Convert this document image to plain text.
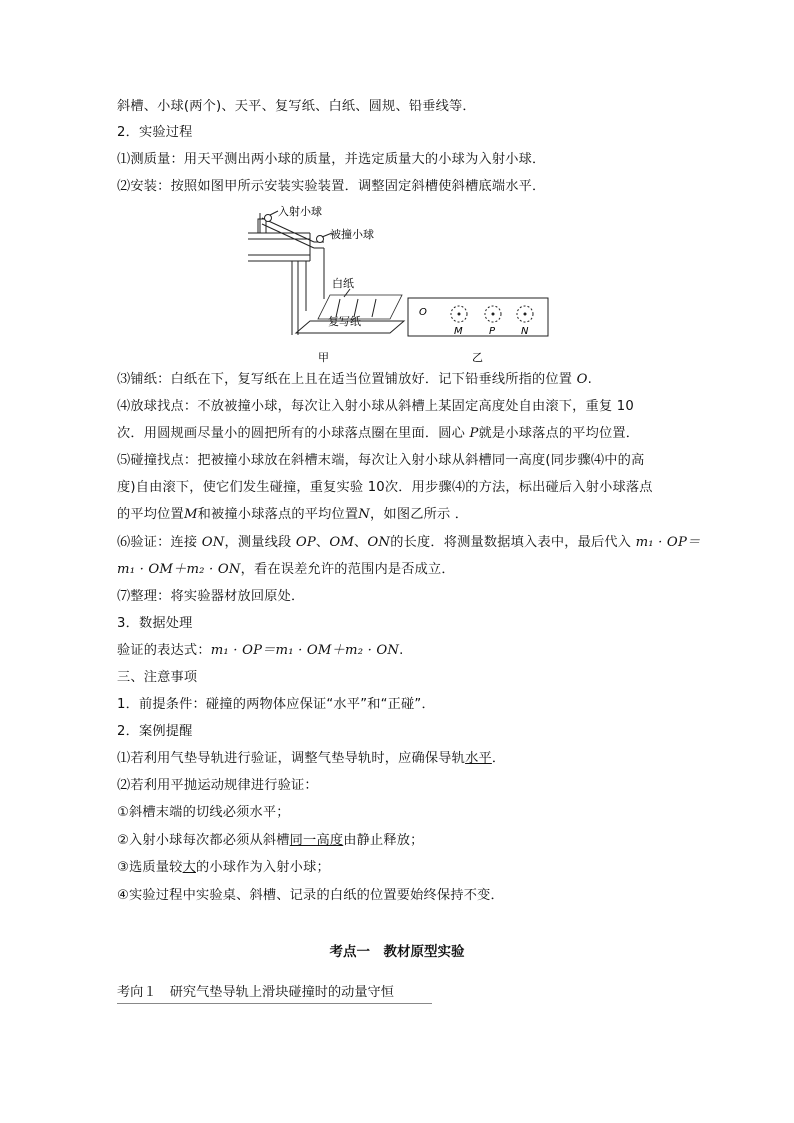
斜槽、小球(两个)、天平、复写纸、白纸、圆规、铅垂线等．
2．实验过程
⑴测质量：用天平测出两小球的质量，并选定质量大的小球为入射小球．
⑵安装：按照如图甲所示安装实验装置．调整固定斜槽使斜槽底端水平．
入射小球
被撞小球
白纸
复写纸
甲
O
M	P	N
乙
⑶铺纸：白纸在下，复写纸在上且在适当位置铺放好．记下铅垂线所指的位置 O.
⑷放球找点：不放被撞小球，每次让入射小球从斜槽上某固定高度处自由滚下，重复 10
次．用圆规画尽量小的圆把所有的小球落点圈在里面．圆心 P就是小球落点的平均位置．
⑸碰撞找点：把被撞小球放在斜槽末端，每次让入射小球从斜槽同一高度(同步骤⑷中的高
度)自由滚下，使它们发生碰撞，重复实验 10次．用步骤⑷的方法，标出碰后入射小球落点
的平均位置M和被撞小球落点的平均位置N，如图乙所示 ．
⑹验证：连接 ON，测量线段 OP、OM、ON的长度．将测量数据填入表中，最后代入 m₁ · OP＝
m₁ · OM＋m₂ · ON，看在误差允许的范围内是否成立．
⑺整理：将实验器材放回原处．
3．数据处理
验证的表达式：m₁ · OP＝m₁ · OM＋m₂ · ON.
三、注意事项
1．前提条件：碰撞的两物体应保证“水平”和“正碰”．
2．案例提醒
⑴若利用气垫导轨进行验证，调整气垫导轨时，应确保导轨水平．
⑵若利用平抛运动规律进行验证：
①斜槽末端的切线必须水平；
②入射小球每次都必须从斜槽同一高度由静止释放；
③选质量较大的小球作为入射小球；
④实验过程中实验桌、斜槽、记录的白纸的位置要始终保持不变．
考点一　教材原型实验
考向１　研究气垫导轨上滑块碰撞时的动量守恒
